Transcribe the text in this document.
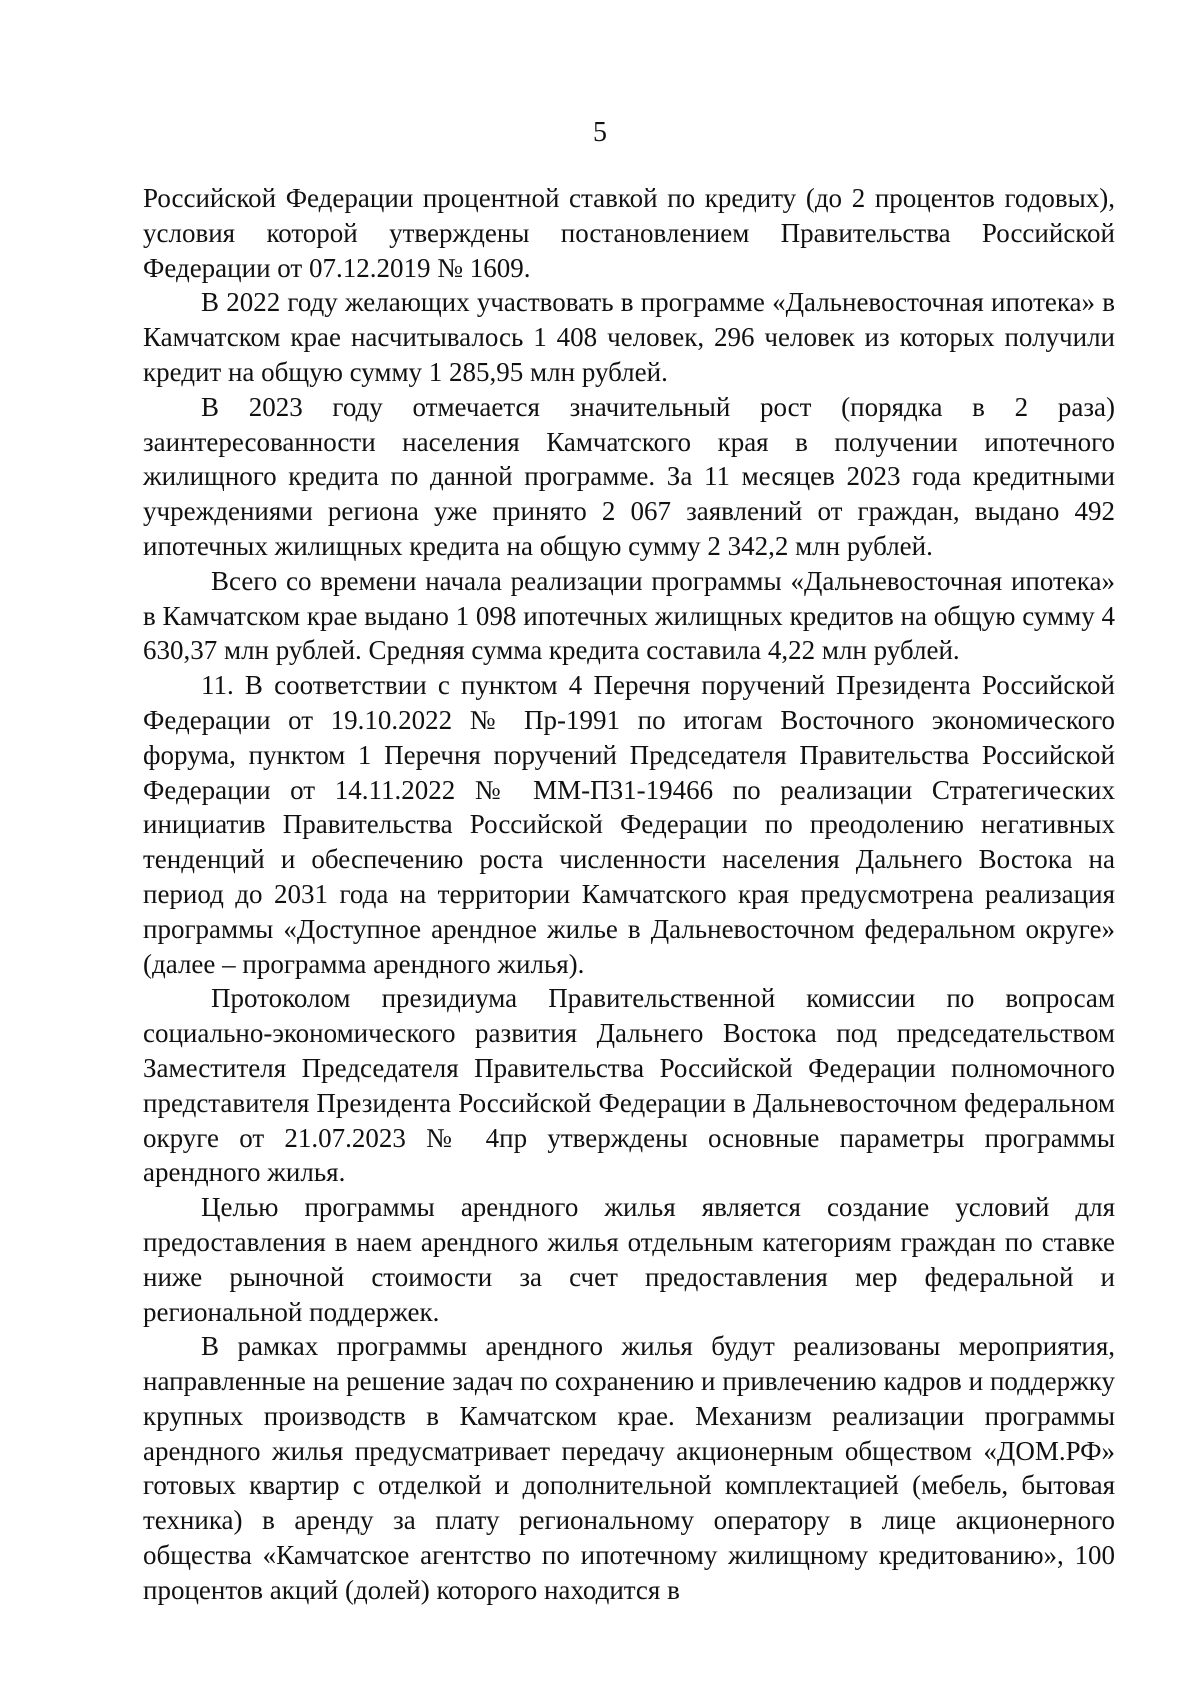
5

Российской Федерации процентной ставкой по кредиту (до 2 процентов годовых), условия которой утверждены постановлением Правительства Российской Федерации от 07.12.2019 № 1609.

В 2022 году желающих участвовать в программе «Дальневосточная ипотека» в Камчатском крае насчитывалось 1 408 человек, 296 человек из которых получили кредит на общую сумму 1 285,95 млн рублей.

В 2023 году отмечается значительный рост (порядка в 2 раза) заинтересованности населения Камчатского края в получении ипотечного жилищного кредита по данной программе. За 11 месяцев 2023 года кредитными учреждениями региона уже принято 2 067 заявлений от граждан, выдано 492 ипотечных жилищных кредита на общую сумму 2 342,2 млн рублей.

Всего со времени начала реализации программы «Дальневосточная ипотека» в Камчатском крае выдано 1 098 ипотечных жилищных кредитов на общую сумму 4 630,37 млн рублей. Средняя сумма кредита составила 4,22 млн рублей.

11. В соответствии с пунктом 4 Перечня поручений Президента Российской Федерации от 19.10.2022 № Пр-1991 по итогам Восточного экономического форума, пунктом 1 Перечня поручений Председателя Правительства Российской Федерации от 14.11.2022 № ММ-П31-19466 по реализации Стратегических инициатив Правительства Российской Федерации по преодолению негативных тенденций и обеспечению роста численности населения Дальнего Востока на период до 2031 года на территории Камчатского края предусмотрена реализация программы «Доступное арендное жилье в Дальневосточном федеральном округе» (далее – программа арендного жилья).

Протоколом президиума Правительственной комиссии по вопросам социально-экономического развития Дальнего Востока под председательством Заместителя Председателя Правительства Российской Федерации полномочного представителя Президента Российской Федерации в Дальневосточном федеральном округе от 21.07.2023 № 4пр утверждены основные параметры программы арендного жилья.

Целью программы арендного жилья является создание условий для предоставления в наем арендного жилья отдельным категориям граждан по ставке ниже рыночной стоимости за счет предоставления мер федеральной и региональной поддержек.

В рамках программы арендного жилья будут реализованы мероприятия, направленные на решение задач по сохранению и привлечению кадров и поддержку крупных производств в Камчатском крае. Механизм реализации программы арендного жилья предусматривает передачу акционерным обществом «ДОМ.РФ» готовых квартир с отделкой и дополнительной комплектацией (мебель, бытовая техника) в аренду за плату региональному оператору в лице акционерного общества «Камчатское агентство по ипотечному жилищному кредитованию», 100 процентов акций (долей) которого находится в
